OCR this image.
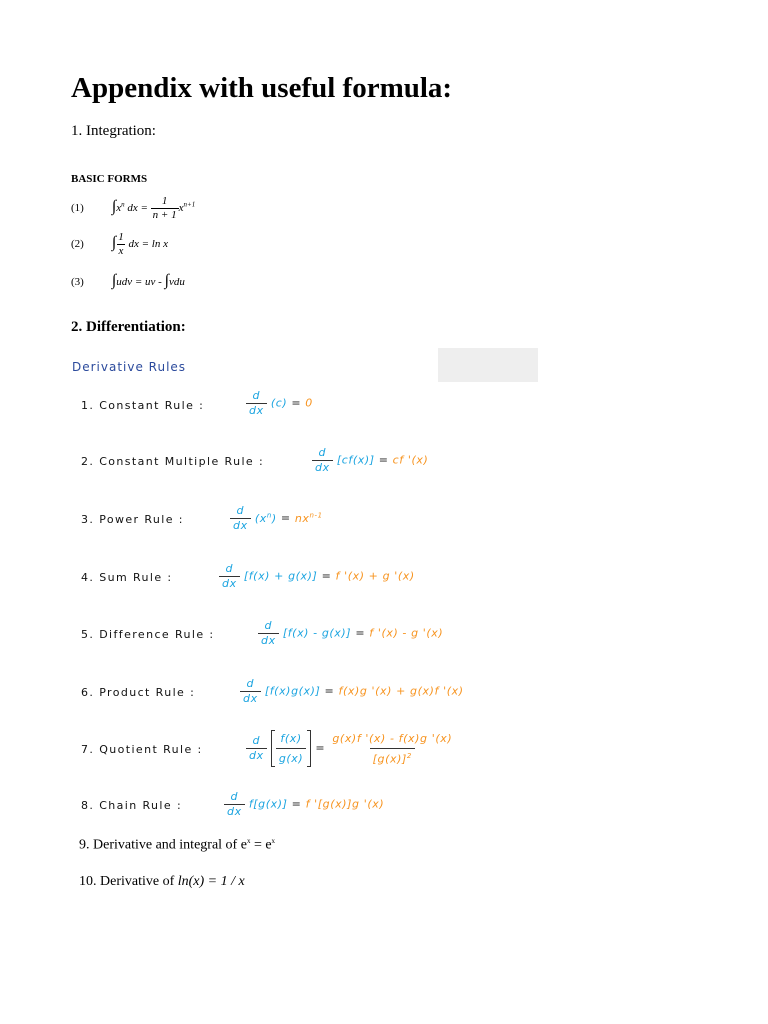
Appendix with useful formula:
1. Integration:
BASIC FORMS
(1) $\int x^n$ dx = $\frac{1}{n + 1} x^{n+1}$
(2) ∫ $\frac{1}{x}$ dx = ln x
(3) ∫udv = uv - ∫vdu
2. Differentiation:
Derivative Rules
1. Constant Rule :	$\frac{d}{dx} (c) = 0$
2. Constant Multiple Rule :	$\frac{d}{dx} [cf(x)]$ = cf '(x)
3. Power Rule :	$\frac{d}{dx} (x^n) = nx^{n-1}$
4. Sum Rule :	$\frac{d}{dx} [f(x) + g(x)] = f$ '(x) + g '(x)
5. Difference Rule :	$\frac{d}{dx} [f(x) - g(x)] = f$ '(x) - g '(x)
6. Product Rule :	$\frac{d}{dx} [f(x)g(x)] = f(x)g$ '(x) + g(x)f '(x)
7. Quotient Rule :	$\frac{d}{dx}$
$\frac{f(x)}{g(x)} = \frac{g(x)f '(x) - f(x)g '(x)}{[g(x)]^2}$
8. Chain Rule :	$\frac{d}{dx} f[g(x)] = f$ '[g(x)]g '(x)
9. Derivative and integral of $e^x = e^x$
10. Derivative of ln(x) = 1 / x
